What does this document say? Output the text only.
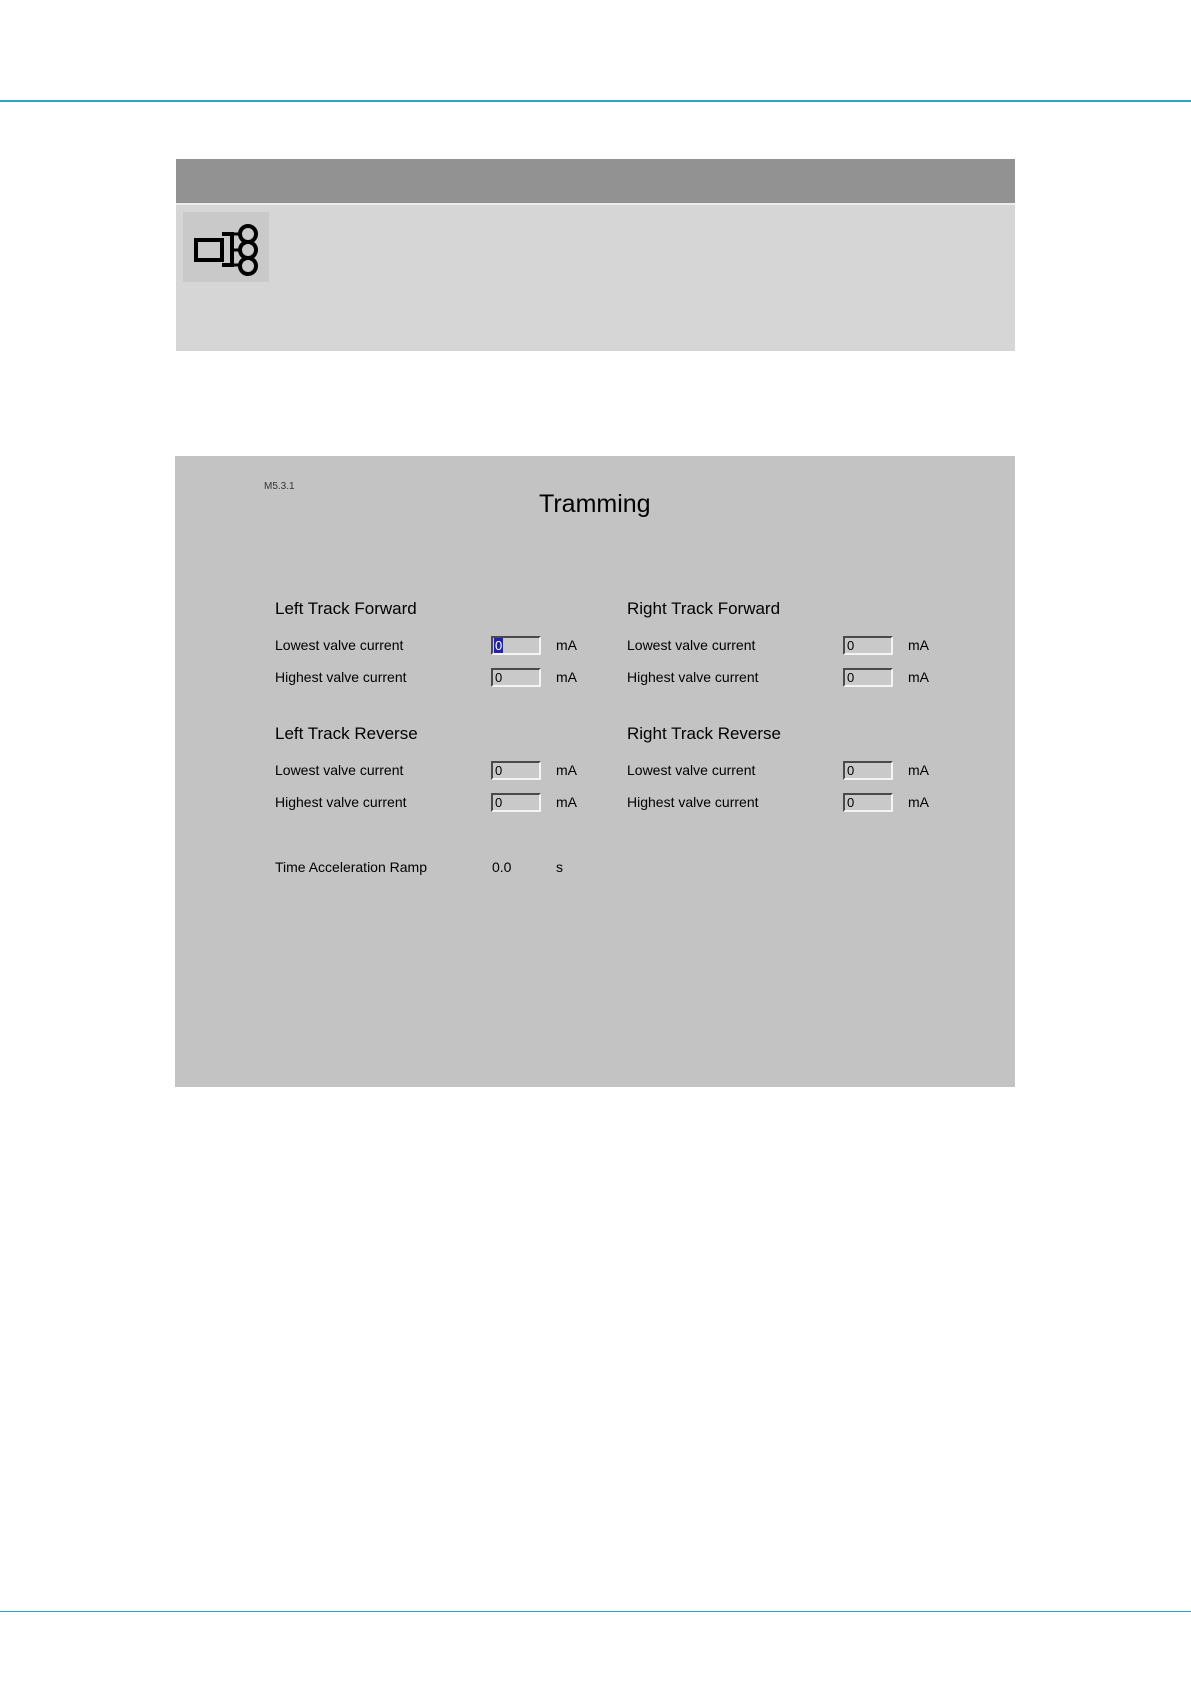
M5.3.1
Tramming
Left Track Forward
Lowest valve current	0	mA
Highest valve current	0	mA
Right Track Forward
Lowest valve current	0	mA
Highest valve current	0	mA
Left Track Reverse
Lowest valve current	0	mA
Highest valve current	0	mA
Right Track Reverse
Lowest valve current	0	mA
Highest valve current	0	mA
Time Acceleration Ramp	0.0	s
